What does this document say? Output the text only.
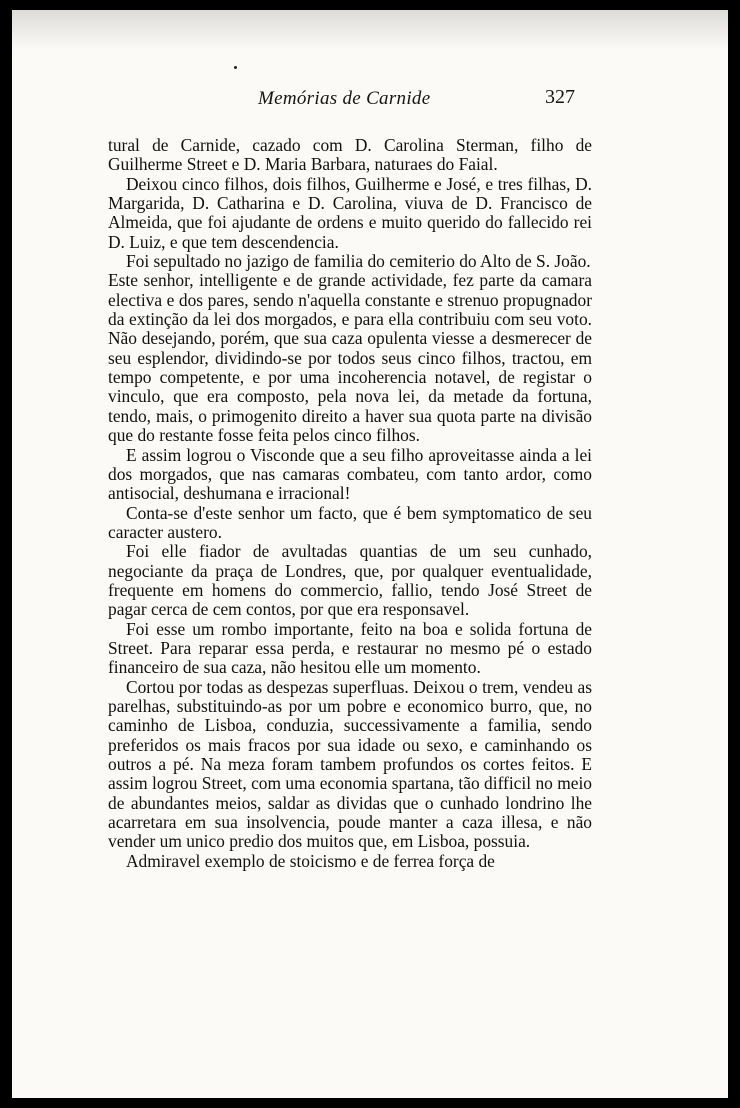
Memórias de Carnide	327

tural de Carnide, cazado com D. Carolina Sterman, filho de Guilherme Street e D. Maria Barbara, naturaes do Faial.

Deixou cinco filhos, dois filhos, Guilherme e José, e tres filhas, D. Margarida, D. Catharina e D. Carolina, viuva de D. Francisco de Almeida, que foi ajudante de ordens e muito querido do fallecido rei D. Luiz, e que tem descendencia.

Foi sepultado no jazigo de familia do cemiterio do Alto de S. João.

Este senhor, intelligente e de grande actividade, fez parte da camara electiva e dos pares, sendo n'aquella constante e strenuo propugnador da extinção da lei dos morgados, e para ella contribuiu com seu voto. Não desejando, porém, que sua caza opulenta viesse a desmerecer de seu esplendor, dividindo-se por todos seus cinco filhos, tractou, em tempo competente, e por uma incoherencia notavel, de registar o vinculo, que era composto, pela nova lei, da metade da fortuna, tendo, mais, o primogenito direito a haver sua quota parte na divisão que do restante fosse feita pelos cinco filhos.

E assim logrou o Visconde que a seu filho aproveitasse ainda a lei dos morgados, que nas camaras combateu, com tanto ardor, como antisocial, deshumana e irracional!

Conta-se d'este senhor um facto, que é bem symptomatico de seu caracter austero.

Foi elle fiador de avultadas quantias de um seu cunhado, negociante da praça de Londres, que, por qualquer eventualidade, frequente em homens do commercio, fallio, tendo José Street de pagar cerca de cem contos, por que era responsavel.

Foi esse um rombo importante, feito na boa e solida fortuna de Street. Para reparar essa perda, e restaurar no mesmo pé o estado financeiro de sua caza, não hesitou elle um momento.

Cortou por todas as despezas superfluas. Deixou o trem, vendeu as parelhas, substituindo-as por um pobre e economico burro, que, no caminho de Lisboa, conduzia, successivamente a familia, sendo preferidos os mais fracos por sua idade ou sexo, e caminhando os outros a pé. Na meza foram tambem profundos os cortes feitos. E assim logrou Street, com uma economia spartana, tão difficil no meio de abundantes meios, saldar as dividas que o cunhado londrino lhe acarretara em sua insolvencia, poude manter a caza illesa, e não vender um unico predio dos muitos que, em Lisboa, possuia.

Admiravel exemplo de stoicismo e de ferrea força de
